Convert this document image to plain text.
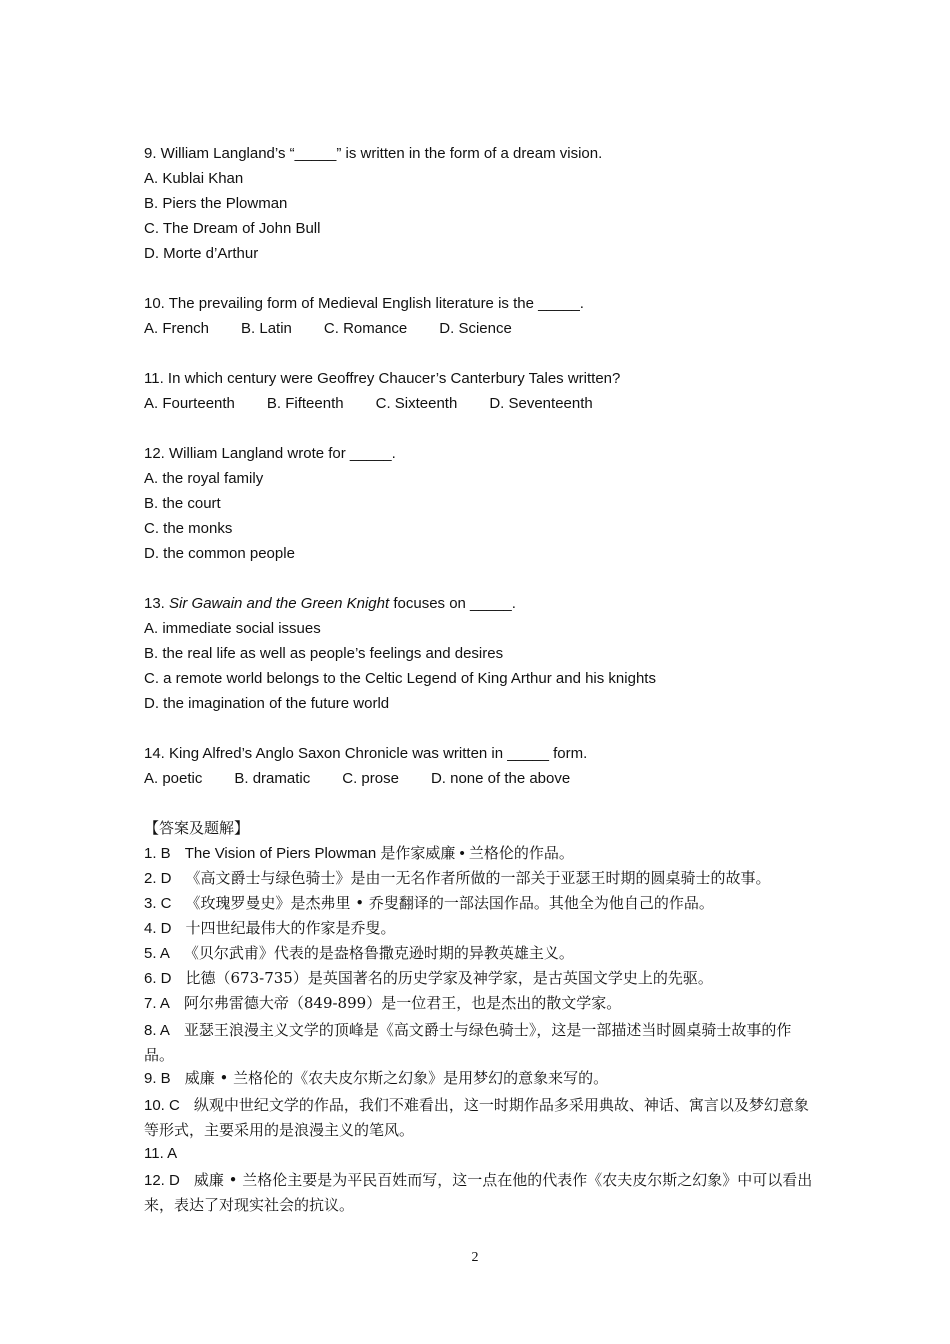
9. William Langland’s “_____” is written in the form of a dream vision.
A. Kublai Khan
B. Piers the Plowman
C. The Dream of John Bull
D. Morte d’Arthur
10. The prevailing form of Medieval English literature is the _____.
A. French B. Latin C. Romance D. Science
11. In which century were Geoffrey Chaucer’s Canterbury Tales written?
A. Fourteenth B. Fifteenth C. Sixteenth D. Seventeenth
12. William Langland wrote for _____.
A. the royal family
B. the court
C. the monks
D. the common people
13. Sir Gawain and the Green Knight focuses on _____.
A. immediate social issues
B. the real life as well as people’s feelings and desires
C. a remote world belongs to the Celtic Legend of King Arthur and his knights
D. the imagination of the future world
14. King Alfred’s Anglo Saxon Chronicle was written in _____ form.
A. poetic B. dramatic C. prose D. none of the above
【答案及题解】
1. B The Vision of Piers Plowman 是作家威廉 • 兰格伦的作品。
2. D 《高文爵士与绿色骑士》是由一无名作者所做的一部关于亚瑟王时期的圆桌骑士的故事。
3. C 《玫瑰罗曼史》是杰弗里 • 乔叟翻译的一部法国作品。其他全为他自己的作品。
4. D 十四世纪最伟大的作家是乔叟。
5. A 《贝尔武甫》代表的是盎格鲁撒克逊时期的异教英雄主义。
6. D 比德（673-735）是英国著名的历史学家及神学家，是古英国文学史上的先驱。
7. A 阿尔弗雷德大帝（849-899）是一位君王，也是杰出的散文学家。
8. A 亚瑟王浪漫主义文学的顶峰是《高文爵士与绿色骑士》，这是一部描述当时圆桌骑士故事的作品。
9. B 威廉 • 兰格伦的《农夫皮尔斯之幻象》是用梦幻的意象来写的。
10. C 纵观中世纪文学的作品，我们不难看出，这一时期作品多采用典故、神话、寓言以及梦幻意象等形式，主要采用的是浪漫主义的笔风。
11. A
12. D 威廉 • 兰格伦主要是为平民百姓而写，这一点在他的代表作《农夫皮尔斯之幻象》中可以看出来，表达了对现实社会的抗议。
2
